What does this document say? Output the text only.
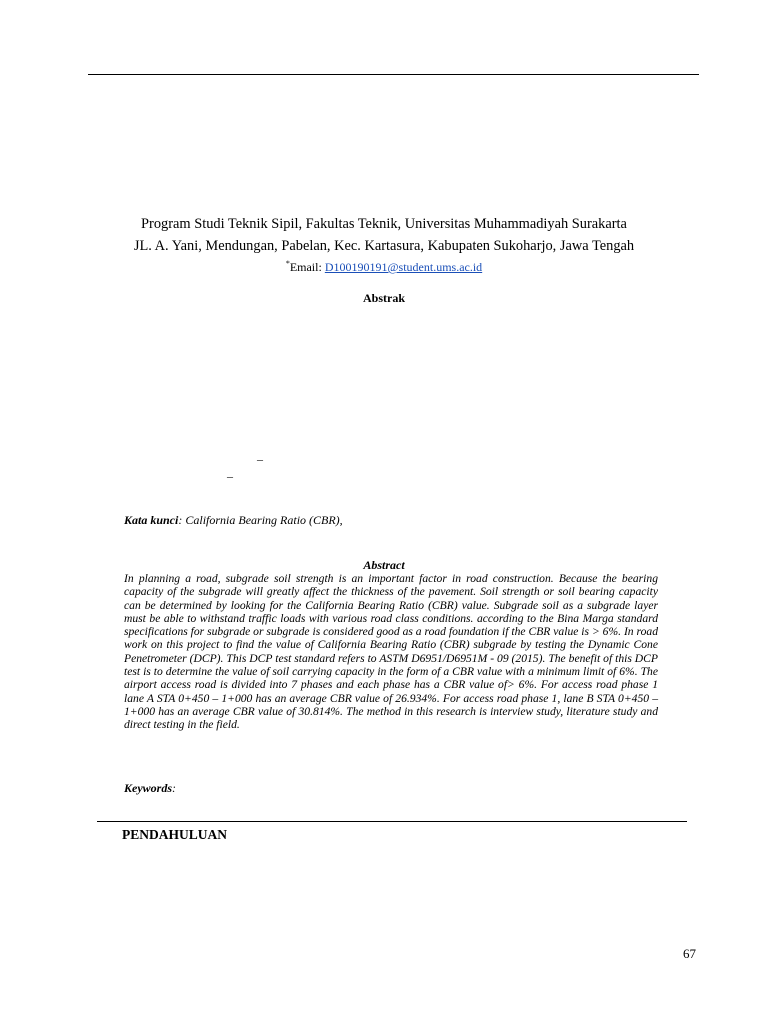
Program Studi Teknik Sipil, Fakultas Teknik, Universitas Muhammadiyah Surakarta
JL. A. Yani, Mendungan, Pabelan, Kec. Kartasura, Kabupaten Sukoharjo, Jawa Tengah
*Email: D100190191@student.ums.ac.id
Abstrak
–
–
Kata kunci: California Bearing Ratio (CBR),
Abstract
In planning a road, subgrade soil strength is an important factor in road construction. Because the bearing capacity of the subgrade will greatly affect the thickness of the pavement. Soil strength or soil bearing capacity can be determined by looking for the California Bearing Ratio (CBR) value. Subgrade soil as a subgrade layer must be able to withstand traffic loads with various road class conditions. according to the Bina Marga standard specifications for subgrade or subgrade is considered good as a road foundation if the CBR value is > 6%. In road work on this project to find the value of California Bearing Ratio (CBR) subgrade by testing the Dynamic Cone Penetrometer (DCP). This DCP test standard refers to ASTM D6951/D6951M - 09 (2015). The benefit of this DCP test is to determine the value of soil carrying capacity in the form of a CBR value with a minimum limit of 6%. The airport access road is divided into 7 phases and each phase has a CBR value of> 6%. For access road phase 1 lane A STA 0+450 – 1+000 has an average CBR value of 26.934%. For access road phase 1, lane B STA 0+450 – 1+000 has an average CBR value of 30.814%. The method in this research is interview study, literature study and direct testing in the field.
Keywords:
PENDAHULUAN
67
